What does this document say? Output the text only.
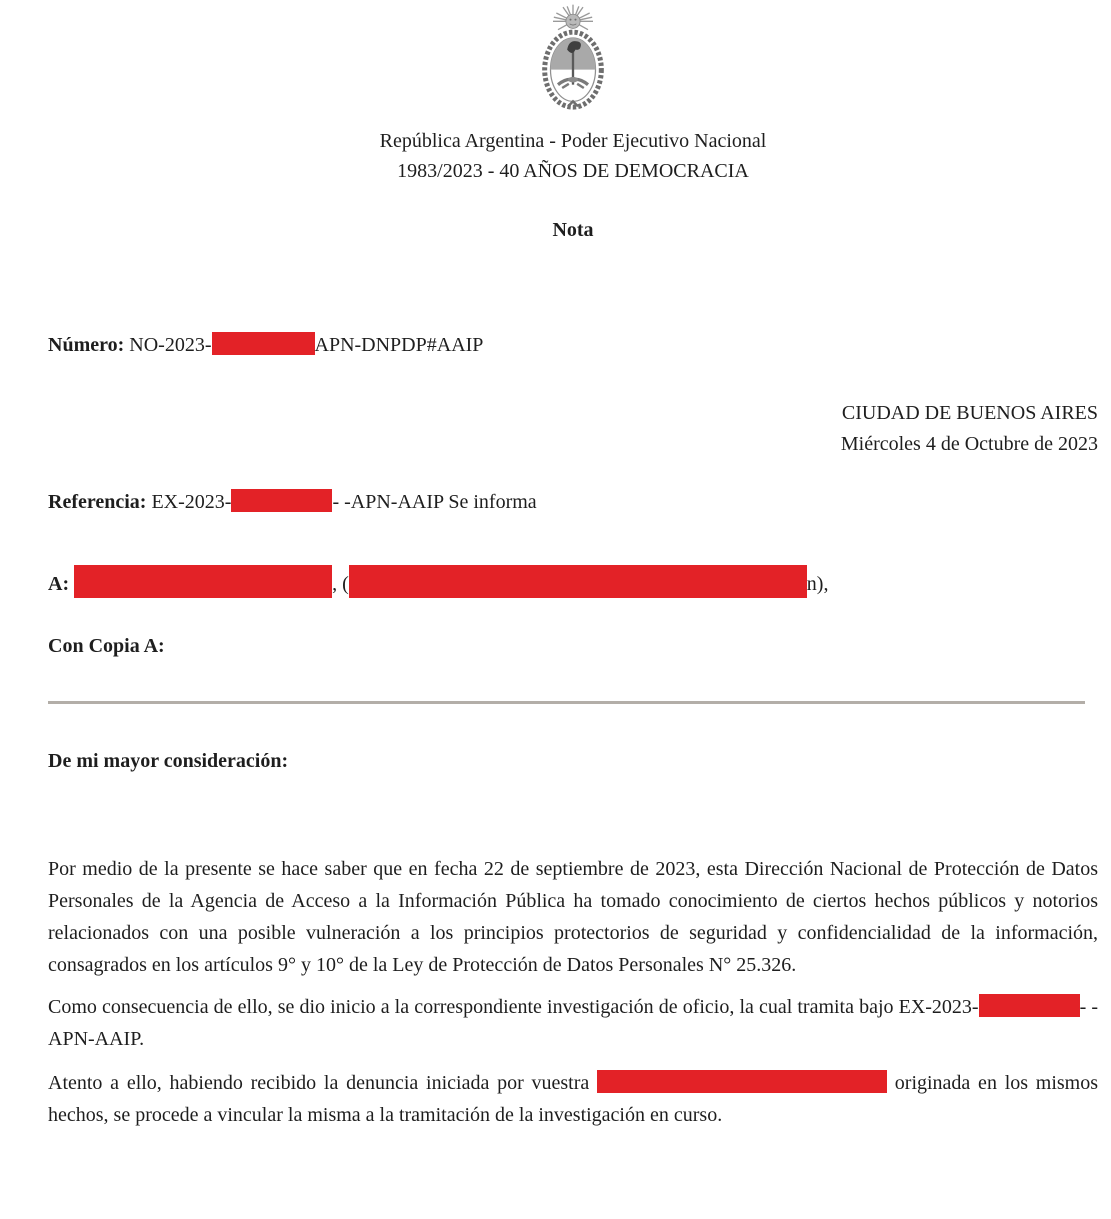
República Argentina - Poder Ejecutivo Nacional
1983/2023 - 40 AÑOS DE DEMOCRACIA
Nota
Número: NO-2023-	APN-DNPDP#AAIP
CIUDAD DE BUENOS AIRES
Miércoles 4 de Octubre de 2023
Referencia: EX-2023-	- -APN-AAIP Se informa
A:	, (	n),
Con Copia A:
De mi mayor consideración:

Por medio de la presente se hace saber que en fecha 22 de septiembre de 2023, esta Dirección Nacional de Protección de Datos Personales de la Agencia de Acceso a la Información Pública ha tomado conocimiento de ciertos hechos públicos y notorios relacionados con una posible vulneración a los principios protectorios de seguridad y confidencialidad de la información, consagrados en los artículos 9° y 10° de la Ley de Protección de Datos Personales N° 25.326.

Como consecuencia de ello, se dio inicio a la correspondiente investigación de oficio, la cual tramita bajo EX-2023-	- -APN-AAIP.

Atento a ello, habiendo recibido la denuncia iniciada por vuestra	originada en los mismos hechos, se procede a vincular la misma a la tramitación de la investigación en curso.
